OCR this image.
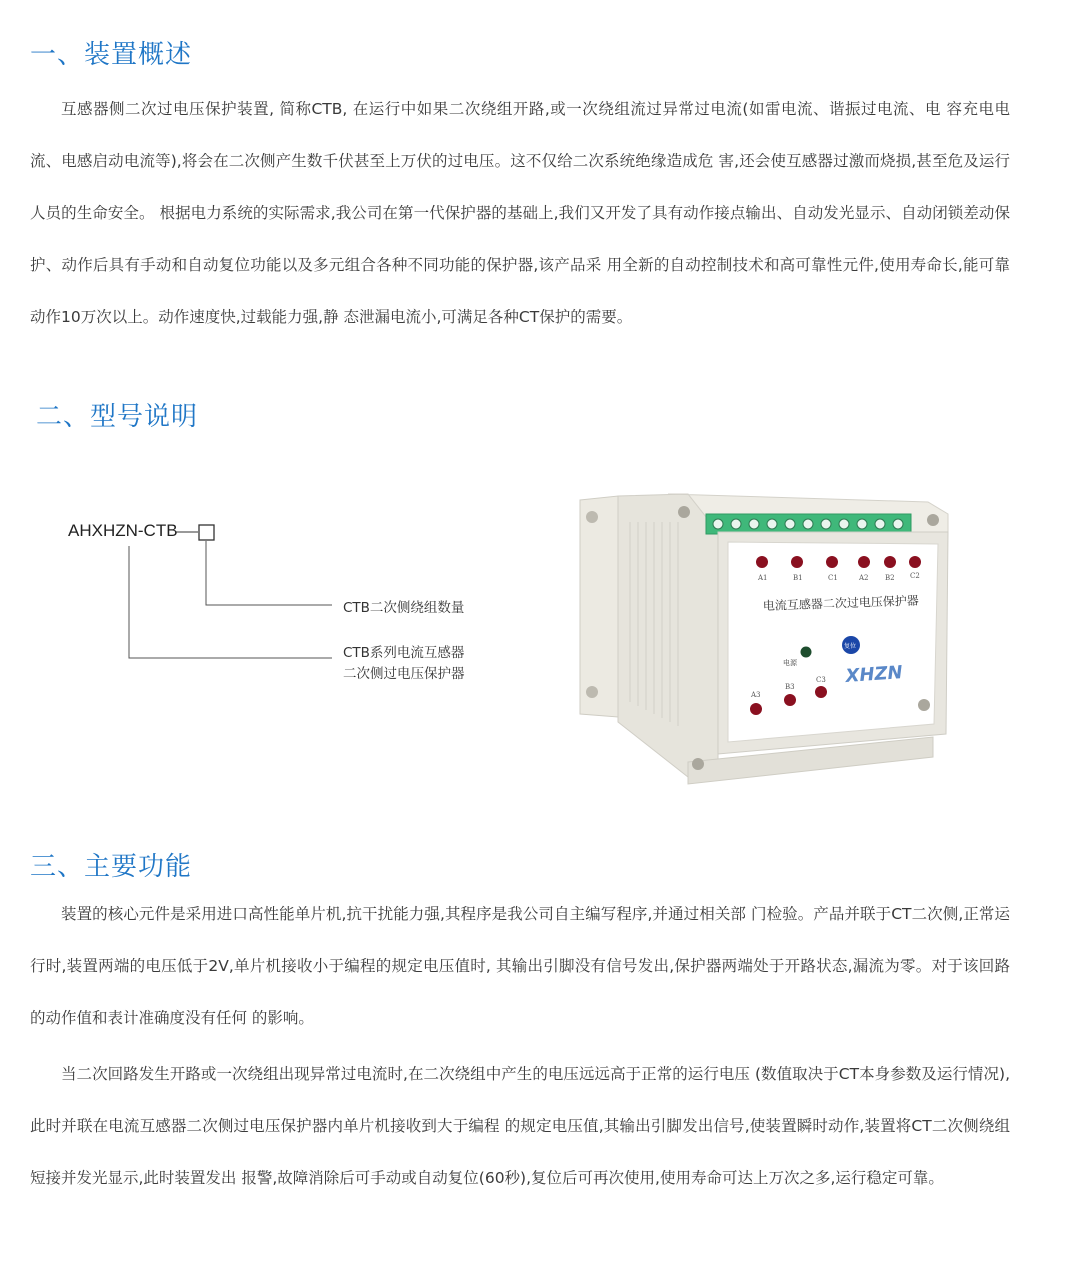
一、装置概述

互感器侧二次过电压保护装置, 简称CTB, 在运行中如果二次绕组开路,或一次绕组流过异常过电流(如雷电流、谐振过电流、电 容充电电流、电感启动电流等),将会在二次侧产生数千伏甚至上万伏的过电压。这不仅给二次系统绝缘造成危 害,还会使互感器过激而烧损,甚至危及运行人员的生命安全。 根据电力系统的实际需求,我公司在第一代保护器的基础上,我们又开发了具有动作接点输出、自动发光显示、自动闭锁差动保护、动作后具有手动和自动复位功能以及多元组合各种不同功能的保护器,该产品采 用全新的自动控制技术和高可靠性元件,使用寿命长,能可靠动作10万次以上。动作速度快,过载能力强,静 态泄漏电流小,可满足各种CT保护的需要。

二、型号说明
AHXHZN-CTB
CTB二次侧绕组数量
CTB系列电流互感器
二次侧过电压保护器
A1	B1	C1	A2 B2 C2
电流互感器二次过电压保护器
电源
复位
XHZN
A3
B3
C3
三、主要功能

装置的核心元件是采用进口高性能单片机,抗干扰能力强,其程序是我公司自主编写程序,并通过相关部 门检验。产品并联于CT二次侧,正常运行时,装置两端的电压低于2V,单片机接收小于编程的规定电压值时, 其输出引脚没有信号发出,保护器两端处于开路状态,漏流为零。对于该回路的动作值和表计准确度没有任何 的影响。

当二次回路发生开路或一次绕组出现异常过电流时,在二次绕组中产生的电压远远高于正常的运行电压 (数值取决于CT本身参数及运行情况),此时并联在电流互感器二次侧过电压保护器内单片机接收到大于编程 的规定电压值,其输出引脚发出信号,使装置瞬时动作,装置将CT二次侧绕组短接并发光显示,此时装置发出 报警,故障消除后可手动或自动复位(60秒),复位后可再次使用,使用寿命可达上万次之多,运行稳定可靠。
